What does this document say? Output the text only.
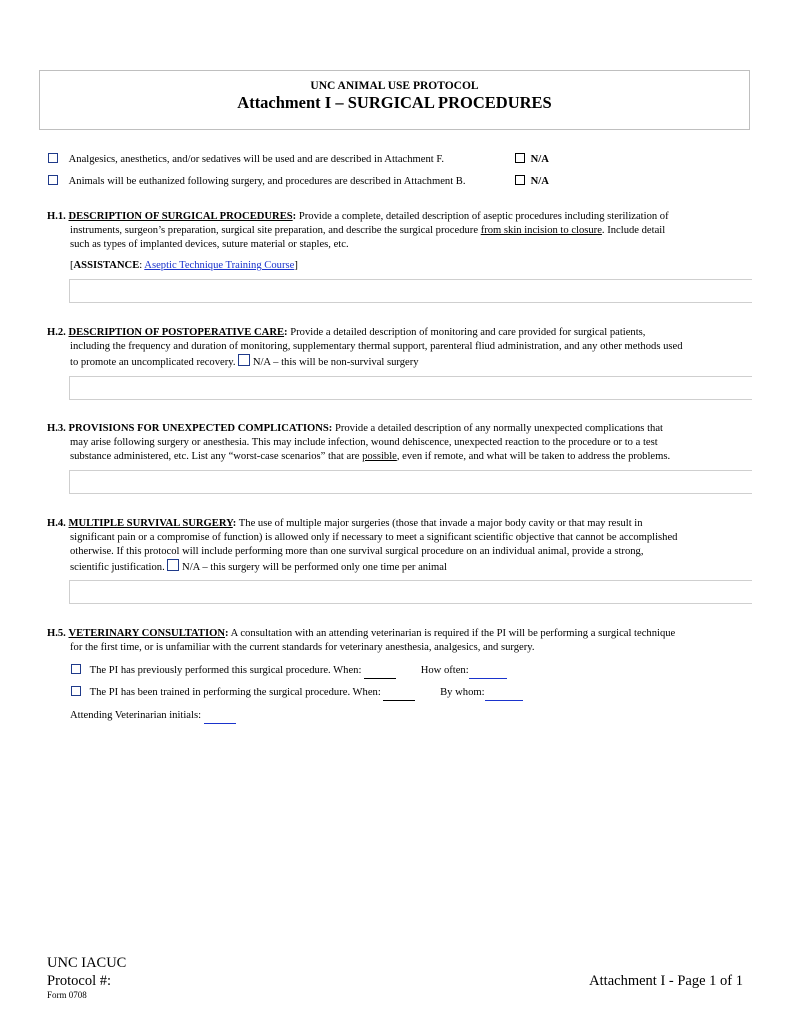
UNC ANIMAL USE PROTOCOL
Attachment I – SURGICAL PROCEDURES
Analgesics, anesthetics, and/or sedatives will be used and are described in Attachment F.	N/A
Animals will be euthanized following surgery, and procedures are described in Attachment B.	N/A
H.1. DESCRIPTION OF SURGICAL PROCEDURES: Provide a complete, detailed description of aseptic procedures including sterilization of
instruments, surgeon’s preparation, surgical site preparation, and describe the surgical procedure from skin incision to closure. Include detail
such as types of implanted devices, suture material or staples, etc.
[ASSISTANCE: Aseptic Technique Training Course]
H.2. DESCRIPTION OF POSTOPERATIVE CARE: Provide a detailed description of monitoring and care provided for surgical patients,
including the frequency and duration of monitoring, supplementary thermal support, parenteral fliud administration, and any other methods used
to promote an uncomplicated recovery. N/A – this will be non-survival surgery
H.3. PROVISIONS FOR UNEXPECTED COMPLICATIONS: Provide a detailed description of any normally unexpected complications that
may arise following surgery or anesthesia. This may include infection, wound dehiscence, unexpected reaction to the procedure or to a test
substance administered, etc. List any “worst-case scenarios” that are possible, even if remote, and what will be taken to address the problems.
H.4. MULTIPLE SURVIVAL SURGERY: The use of multiple major surgeries (those that invade a major body cavity or that may result in
significant pain or a compromise of function) is allowed only if necessary to meet a significant scientific objective that cannot be accomplished
otherwise. If this protocol will include performing more than one survival surgical procedure on an individual animal, provide a strong,
scientific justification. N/A – this surgery will be performed only one time per animal
H.5. VETERINARY CONSULTATION: A consultation with an attending veterinarian is required if the PI will be performing a surgical technique
for the first time, or is unfamiliar with the current standards for veterinary anesthesia, analgesics, and surgery.
The PI has previously performed this surgical procedure. When:	How often:
The PI has been trained in performing the surgical procedure. When:	By whom:
Attending Veterinarian initials:
UNC IACUC
Protocol #:
Form 0708
Attachment I - Page 1 of 1
